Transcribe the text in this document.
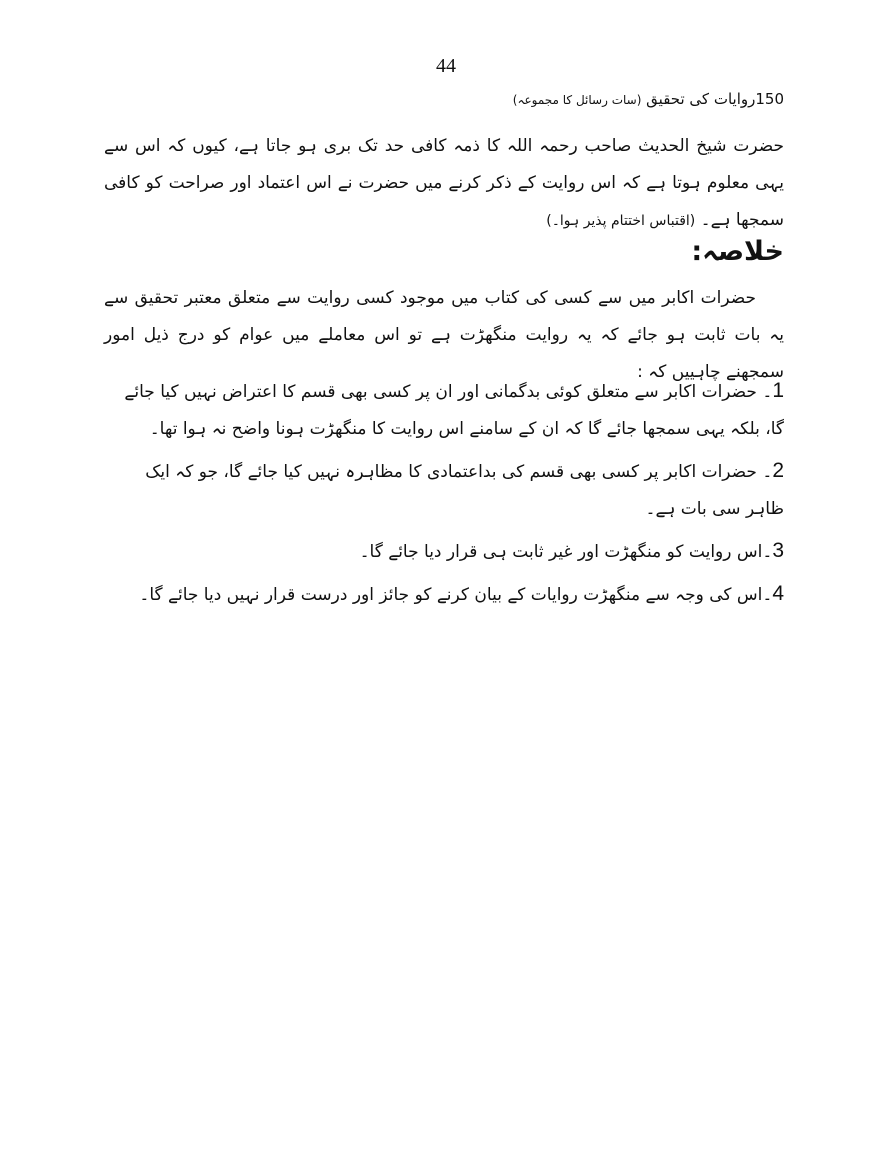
44
150روایات کی تحقیق (سات رسائل کا مجموعہ)
حضرت شیخ الحدیث صاحب رحمہ اللہ کا ذمہ کافی حد تک بری ہو جاتا ہے، کیوں کہ اس سے یہی معلوم ہوتا ہے کہ اس روایت کے ذکر کرنے میں حضرت نے اس اعتماد اور صراحت کو کافی سمجھا ہے۔ (اقتباس اختتام پذیر ہوا۔)
خلاصہ:
حضرات اکابر میں سے کسی کی کتاب میں موجود کسی روایت سے متعلق معتبر تحقیق سے یہ بات ثابت ہو جائے کہ یہ روایت منگھڑت ہے تو اس معاملے میں عوام کو درج ذیل امور سمجھنے چاہییں کہ :
1۔ حضرات اکابر سے متعلق کوئی بدگمانی اور ان پر کسی بھی قسم کا اعتراض نہیں کیا جائے گا، بلکہ یہی سمجھا جائے گا کہ ان کے سامنے اس روایت کا منگھڑت ہونا واضح نہ ہوا تھا۔
2۔ حضرات اکابر پر کسی بھی قسم کی بداعتمادی کا مظاہرہ نہیں کیا جائے گا، جو کہ ایک ظاہر سی بات ہے۔
3۔اس روایت کو منگھڑت اور غیر ثابت ہی قرار دیا جائے گا۔
4۔اس کی وجہ سے منگھڑت روایات کے بیان کرنے کو جائز اور درست قرار نہیں دیا جائے گا۔
